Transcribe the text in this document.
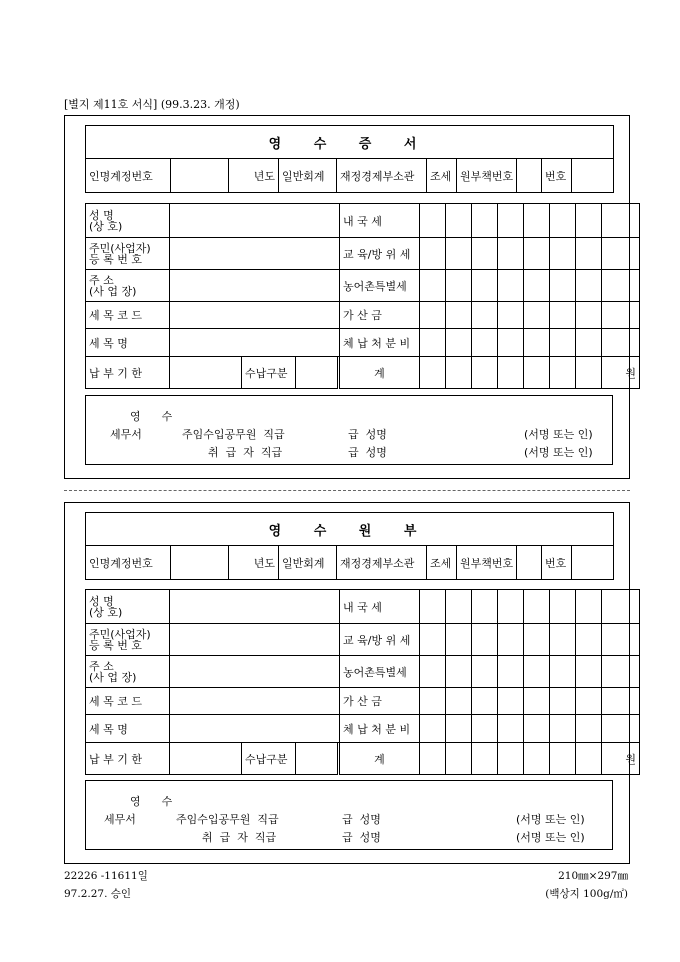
[별지 제11호 서식] (99.3.23. 개정)
영 수 증 서
인명계정번호		년도	일반회계	재정경제부소관	조세	원부책번호		번호	
성 명
(상 호)					내 국 세								

주민(사업자)
등 록 번 호					교 육/방 위 세								

주 소
(사 업 장)					농어촌특별세								
세 목 코 드					가 산 금								
세 목 명					체 납 처 분 비								
납 부 기 한		수납구분			계								원
영      수
세무서	주임수입공무원  직급	급  성명	(서명 또는 인)
취  급  자  직급	급  성명	(서명 또는 인)
영 수 원 부
인명계정번호		년도	일반회계	재정경제부소관	조세	원부책번호		번호	
성 명
(상 호)					내 국 세								

주민(사업자)
등 록 번 호					교 육/방 위 세								

주 소
(사 업 장)					농어촌특별세								
세 목 코 드					가 산 금								
세 목 명					체 납 처 분 비								
납 부 기 한		수납구분			계								원
영      수
세무서	주임수입공무원  직급	급  성명	(서명 또는 인)
취  급  자  직급	급  성명	(서명 또는 인)
22226 -11611일
97.2.27. 승인
210㎜×297㎜
(백상지 100g/㎡)
